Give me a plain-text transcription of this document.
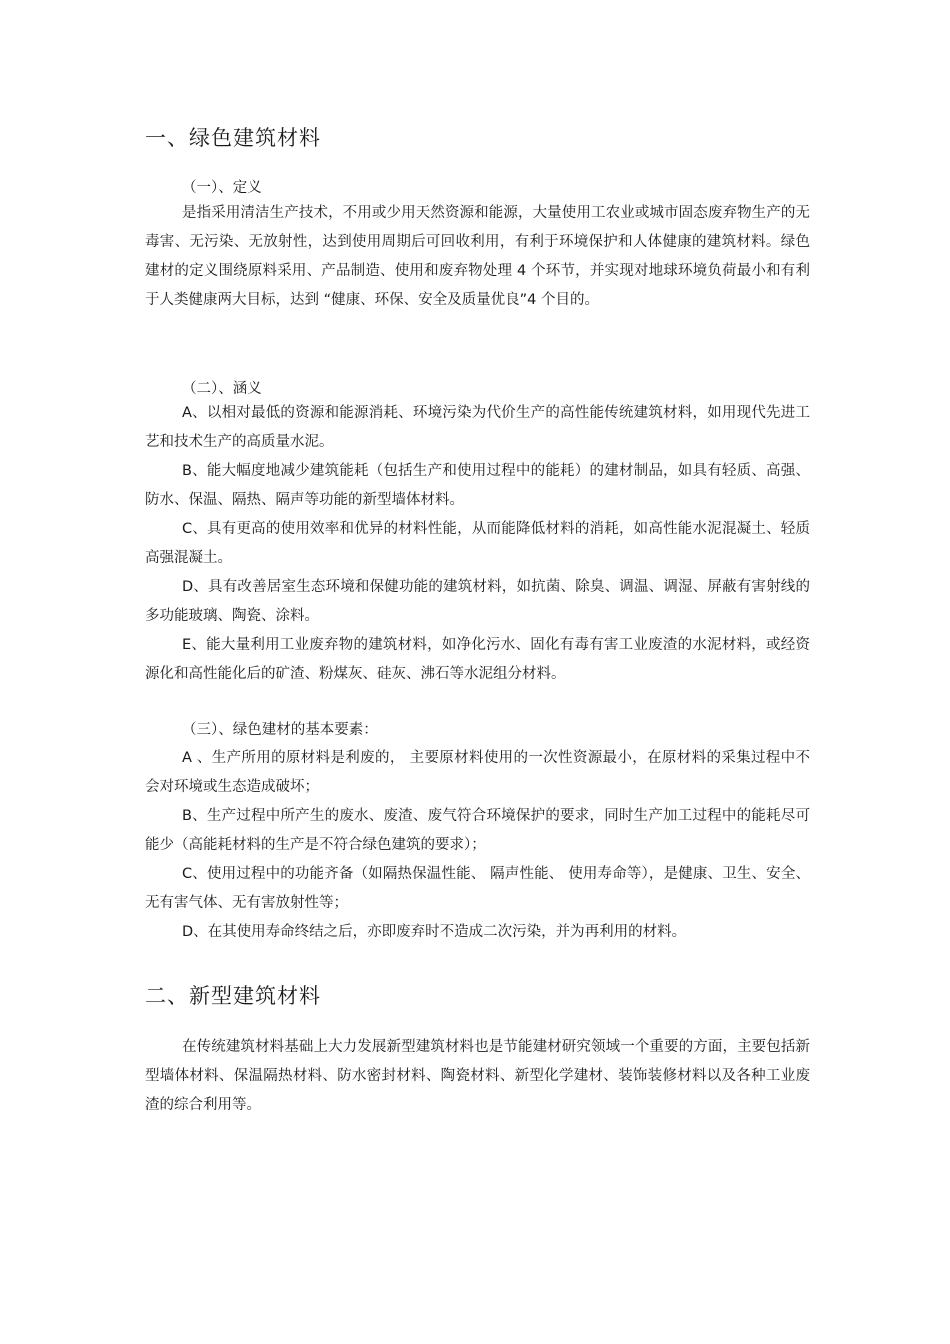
一、绿色建筑材料
（一）、定义

是指采用清洁生产技术，不用或少用天然资源和能源，大量使用工农业或城市固态废弃物生产的无毒害、无污染、无放射性，达到使用周期后可回收利用，有利于环境保护和人体健康的建筑材料。绿色建材的定义围绕原料采用、产品制造、使用和废弃物处理 4 个环节，并实现对地球环境负荷最小和有利于人类健康两大目标，达到 “健康、环保、安全及质量优良”4 个目的。

（二）、涵义

A、以相对最低的资源和能源消耗、环境污染为代价生产的高性能传统建筑材料，如用现代先进工艺和技术生产的高质量水泥。

B、能大幅度地减少建筑能耗（包括生产和使用过程中的能耗）的建材制品，如具有轻质、高强、防水、保温、隔热、隔声等功能的新型墙体材料。

C、具有更高的使用效率和优异的材料性能，从而能降低材料的消耗，如高性能水泥混凝土、轻质高强混凝土。

D、具有改善居室生态环境和保健功能的建筑材料，如抗菌、除臭、调温、调湿、屏蔽有害射线的多功能玻璃、陶瓷、涂料。

E、能大量利用工业废弃物的建筑材料，如净化污水、固化有毒有害工业废渣的水泥材料，或经资源化和高性能化后的矿渣、粉煤灰、硅灰、沸石等水泥组分材料。

（三）、绿色建材的基本要素：

A 、生产所用的原材料是利废的， 主要原材料使用的一次性资源最小，在原材料的采集过程中不会对环境或生态造成破坏；

B、生产过程中所产生的废水、废渣、废气符合环境保护的要求，同时生产加工过程中的能耗尽可能少（高能耗材料的生产是不符合绿色建筑的要求）；

C、使用过程中的功能齐备（如隔热保温性能、 隔声性能、 使用寿命等），是健康、卫生、安全、无有害气体、无有害放射性等；

D、在其使用寿命终结之后，亦即废弃时不造成二次污染，并为再利用的材料。

二、新型建筑材料

在传统建筑材料基础上大力发展新型建筑材料也是节能建材研究领域一个重要的方面，主要包括新型墙体材料、保温隔热材料、防水密封材料、陶瓷材料、新型化学建材、装饰装修材料以及各种工业废渣的综合利用等。
